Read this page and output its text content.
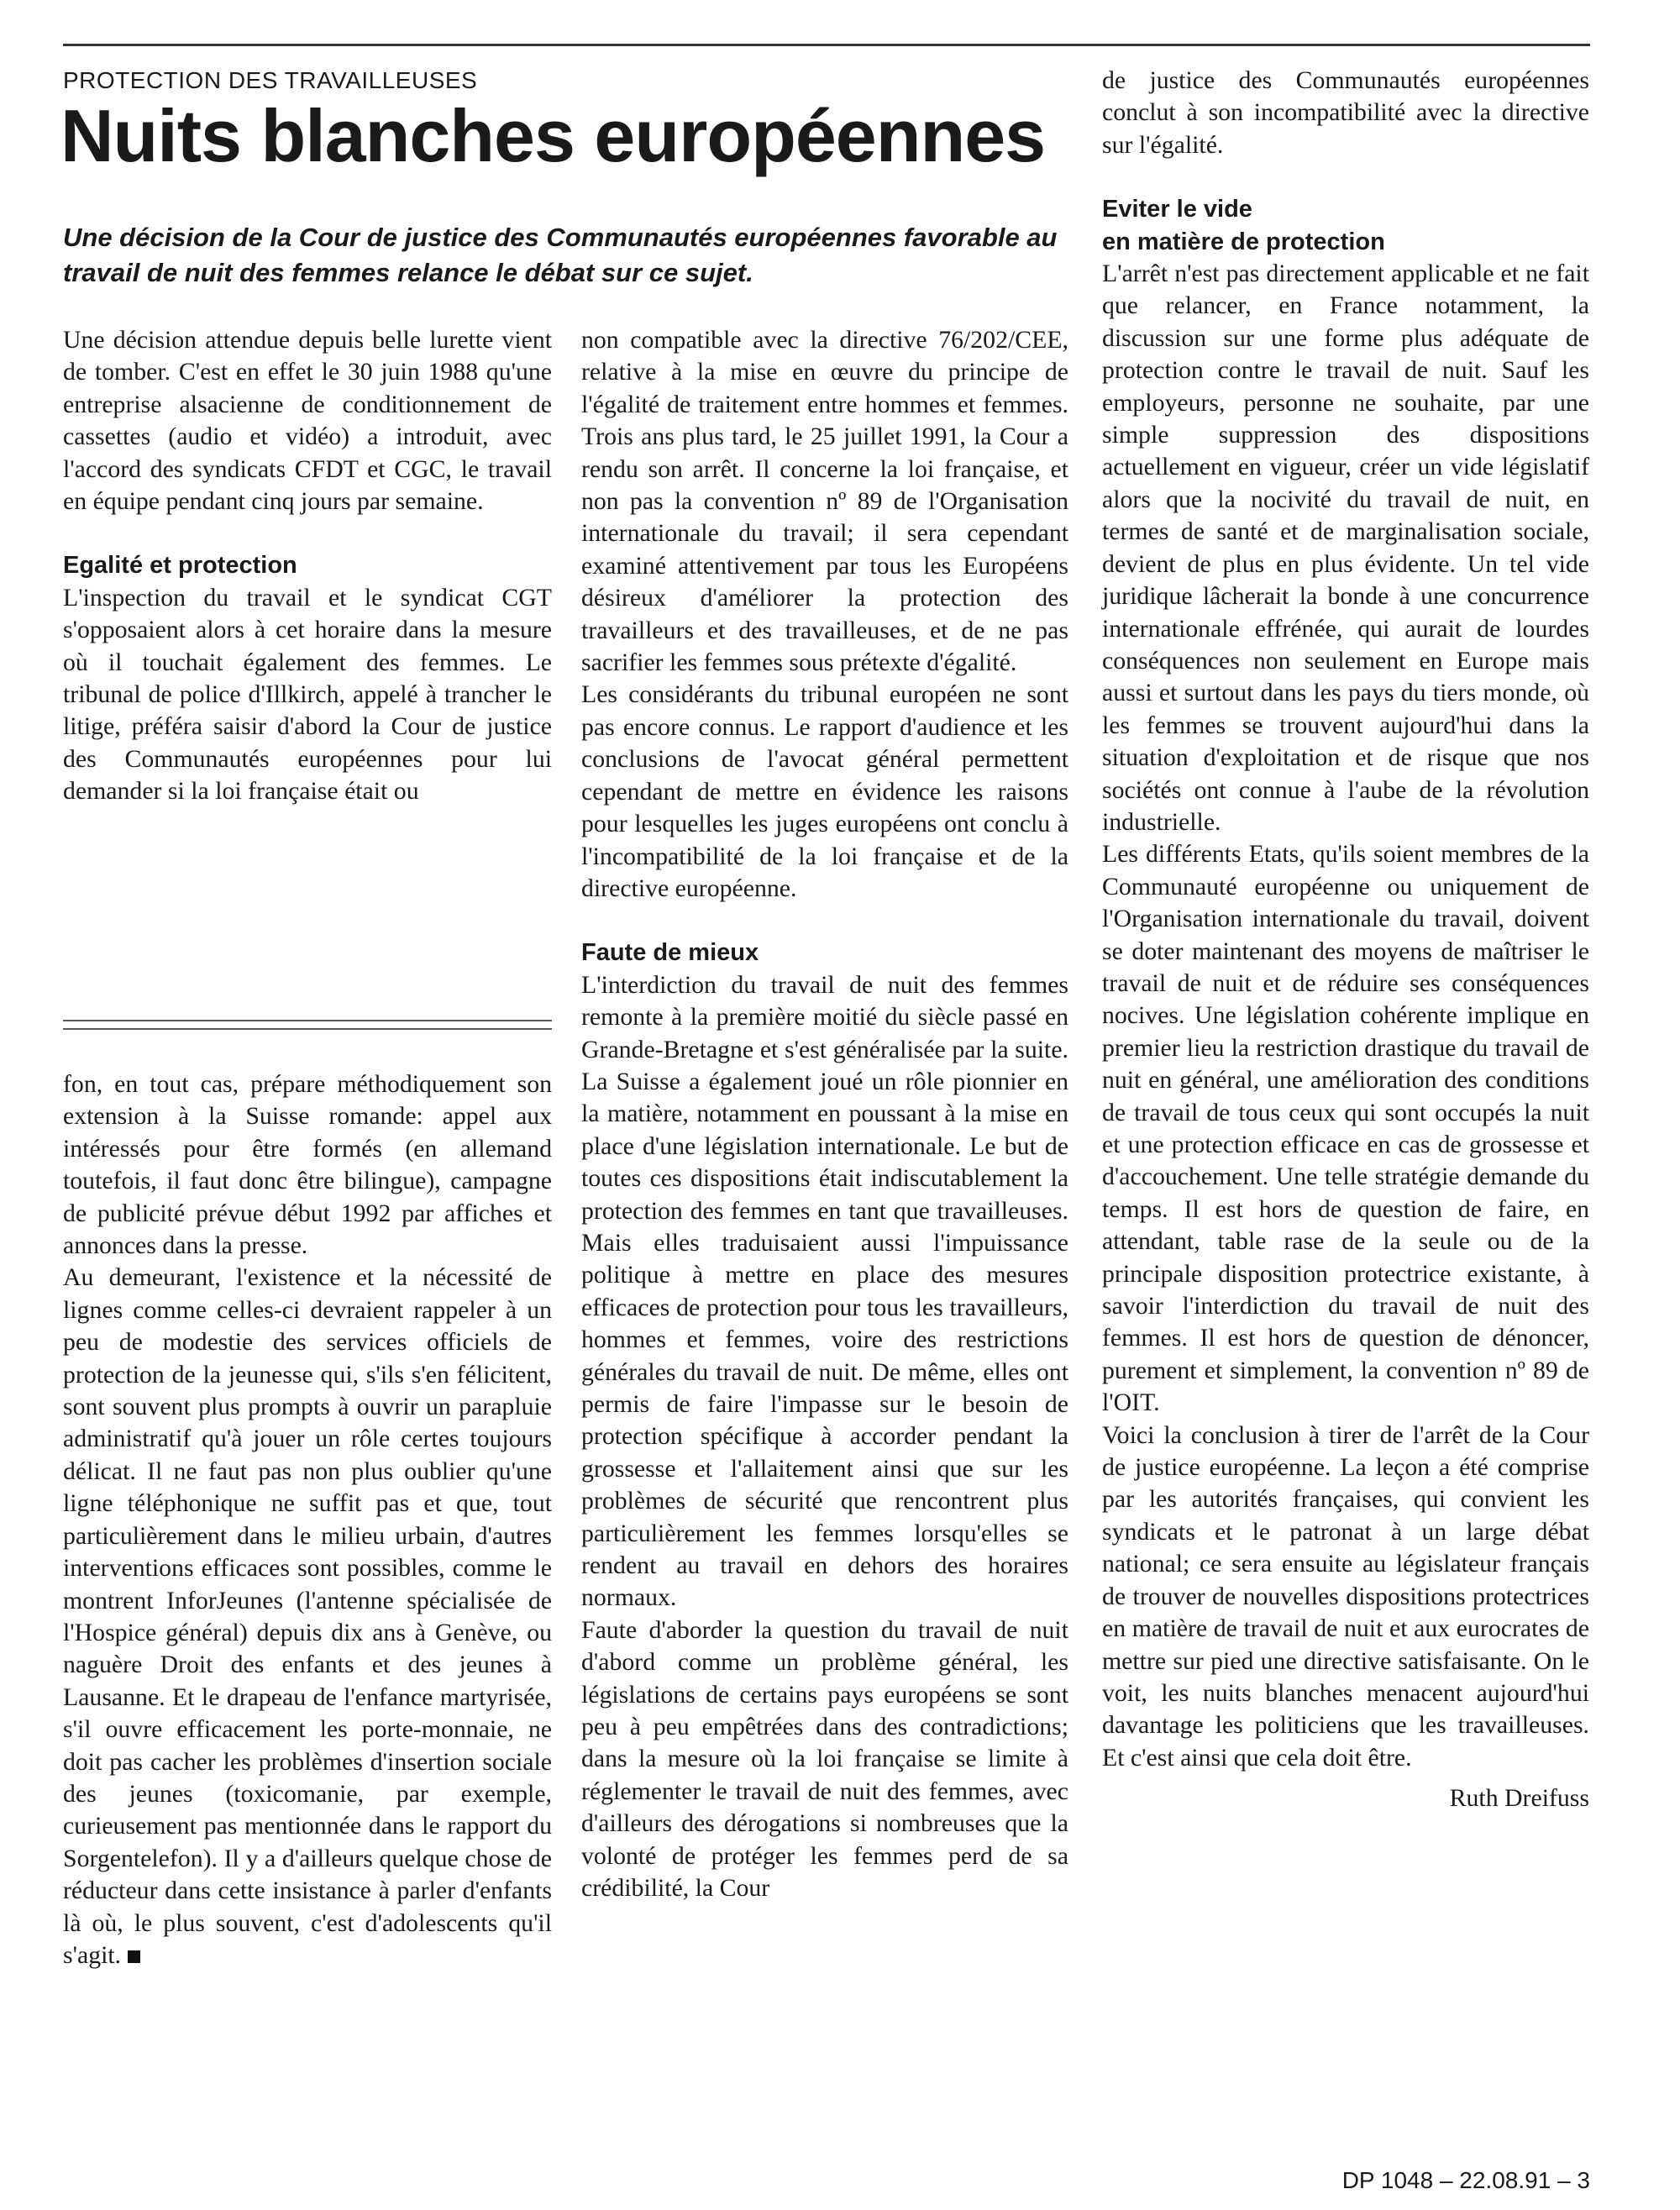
PROTECTION DES TRAVAILLEUSES
Nuits blanches européennes

Une décision de la Cour de justice des Communautés européennes favorable au travail de nuit des femmes relance le débat sur ce sujet.

Une décision attendue depuis belle lurette vient de tomber. C'est en effet le 30 juin 1988 qu'une entreprise alsacienne de conditionnement de cassettes (audio et vidéo) a introduit, avec l'accord des syndicats CFDT et CGC, le travail en équipe pendant cinq jours par semaine.

Egalité et protection

L'inspection du travail et le syndicat CGT s'opposaient alors à cet horaire dans la mesure où il touchait également des femmes. Le tribunal de police d'Illkirch, appelé à trancher le litige, préféra saisir d'abord la Cour de justice des Communautés européennes pour lui demander si la loi française était ou

fon, en tout cas, prépare méthodiquement son extension à la Suisse romande: appel aux intéressés pour être formés (en allemand toutefois, il faut donc être bilingue), campagne de publicité prévue début 1992 par affiches et annonces dans la presse.

Au demeurant, l'existence et la nécessité de lignes comme celles-ci devraient rappeler à un peu de modestie des services officiels de protection de la jeunesse qui, s'ils s'en félicitent, sont souvent plus prompts à ouvrir un parapluie administratif qu'à jouer un rôle certes toujours délicat. Il ne faut pas non plus oublier qu'une ligne téléphonique ne suffit pas et que, tout particulièrement dans le milieu urbain, d'autres interventions efficaces sont possibles, comme le montrent InforJeunes (l'antenne spécialisée de l'Hospice général) depuis dix ans à Genève, ou naguère Droit des enfants et des jeunes à Lausanne. Et le drapeau de l'enfance martyrisée, s'il ouvre efficacement les porte-monnaie, ne doit pas cacher les problèmes d'insertion sociale des jeunes (toxicomanie, par exemple, curieusement pas mentionnée dans le rapport du Sorgentelefon). Il y a d'ailleurs quelque chose de réducteur dans cette insistance à parler d'enfants là où, le plus souvent, c'est d'adolescents qu'il s'agit.

non compatible avec la directive 76/202/CEE, relative à la mise en œuvre du principe de l'égalité de traitement entre hommes et femmes. Trois ans plus tard, le 25 juillet 1991, la Cour a rendu son arrêt. Il concerne la loi française, et non pas la convention nº 89 de l'Organisation internationale du travail; il sera cependant examiné attentivement par tous les Européens désireux d'améliorer la protection des travailleurs et des travailleuses, et de ne pas sacrifier les femmes sous prétexte d'égalité.

Les considérants du tribunal européen ne sont pas encore connus. Le rapport d'audience et les conclusions de l'avocat général permettent cependant de mettre en évidence les raisons pour lesquelles les juges européens ont conclu à l'incompatibilité de la loi française et de la directive européenne.

Faute de mieux

L'interdiction du travail de nuit des femmes remonte à la première moitié du siècle passé en Grande-Bretagne et s'est généralisée par la suite. La Suisse a également joué un rôle pionnier en la matière, notamment en poussant à la mise en place d'une législation internationale. Le but de toutes ces dispositions était indiscutablement la protection des femmes en tant que travailleuses. Mais elles traduisaient aussi l'impuissance politique à mettre en place des mesures efficaces de protection pour tous les travailleurs, hommes et femmes, voire des restrictions générales du travail de nuit. De même, elles ont permis de faire l'impasse sur le besoin de protection spécifique à accorder pendant la grossesse et l'allaitement ainsi que sur les problèmes de sécurité que rencontrent plus particulièrement les femmes lorsqu'elles se rendent au travail en dehors des horaires normaux.

Faute d'aborder la question du travail de nuit d'abord comme un problème général, les législations de certains pays européens se sont peu à peu empêtrées dans des contradictions; dans la mesure où la loi française se limite à réglementer le travail de nuit des femmes, avec d'ailleurs des dérogations si nombreuses que la volonté de protéger les femmes perd de sa crédibilité, la Cour

de justice des Communautés européennes conclut à son incompatibilité avec la directive sur l'égalité.

Eviter le vide

en matière de protection

L'arrêt n'est pas directement applicable et ne fait que relancer, en France notamment, la discussion sur une forme plus adéquate de protection contre le travail de nuit. Sauf les employeurs, personne ne souhaite, par une simple suppression des dispositions actuellement en vigueur, créer un vide législatif alors que la nocivité du travail de nuit, en termes de santé et de marginalisation sociale, devient de plus en plus évidente. Un tel vide juridique lâcherait la bonde à une concurrence internationale effrénée, qui aurait de lourdes conséquences non seulement en Europe mais aussi et surtout dans les pays du tiers monde, où les femmes se trouvent aujourd'hui dans la situation d'exploitation et de risque que nos sociétés ont connue à l'aube de la révolution industrielle.

Les différents Etats, qu'ils soient membres de la Communauté européenne ou uniquement de l'Organisation internationale du travail, doivent se doter maintenant des moyens de maîtriser le travail de nuit et de réduire ses conséquences nocives. Une législation cohérente implique en premier lieu la restriction drastique du travail de nuit en général, une amélioration des conditions de travail de tous ceux qui sont occupés la nuit et une protection efficace en cas de grossesse et d'accouchement. Une telle stratégie demande du temps. Il est hors de question de faire, en attendant, table rase de la seule ou de la principale disposition protectrice existante, à savoir l'interdiction du travail de nuit des femmes. Il est hors de question de dénoncer, purement et simplement, la convention nº 89 de l'OIT.

Voici la conclusion à tirer de l'arrêt de la Cour de justice européenne. La leçon a été comprise par les autorités françaises, qui convient les syndicats et le patronat à un large débat national; ce sera ensuite au législateur français de trouver de nouvelles dispositions protectrices en matière de travail de nuit et aux eurocrates de mettre sur pied une directive satisfaisante. On le voit, les nuits blanches menacent aujourd'hui davantage les politiciens que les travailleuses. Et c'est ainsi que cela doit être.

Ruth Dreifuss

DP 1048 – 22.08.91 – 3
